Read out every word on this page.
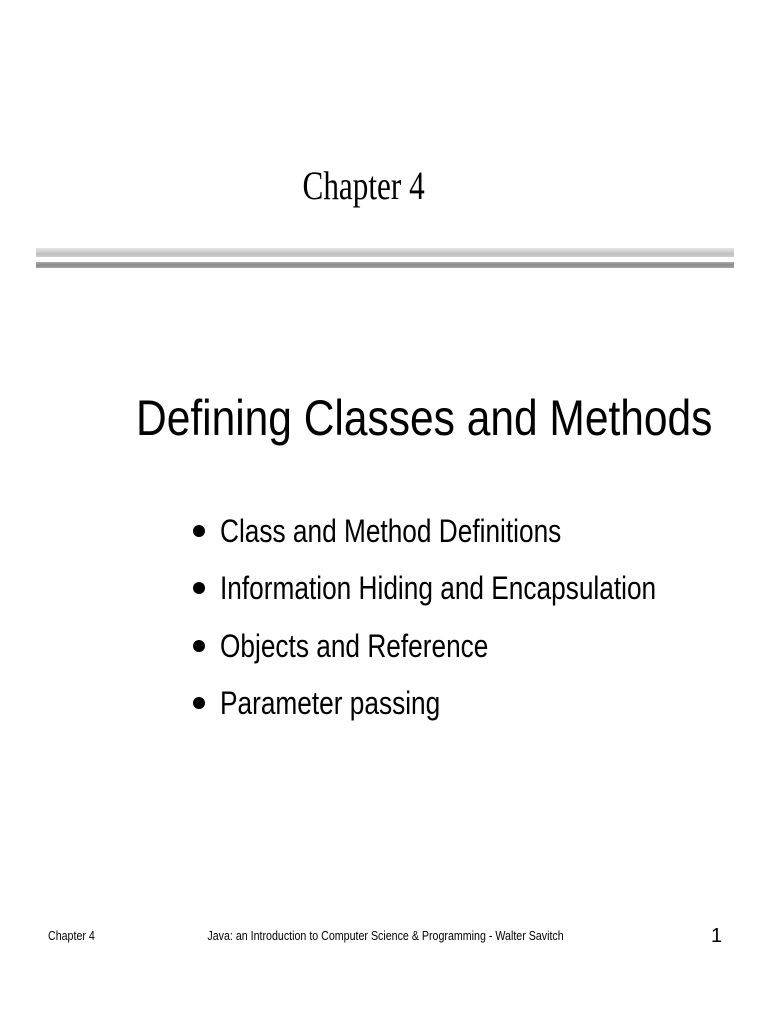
Chapter 4
Defining Classes and Methods
Class and Method Definitions
Information Hiding and Encapsulation
Objects and Reference
Parameter passing
Chapter 4	Java: an Introduction to Computer Science & Programming - Walter Savitch	1
